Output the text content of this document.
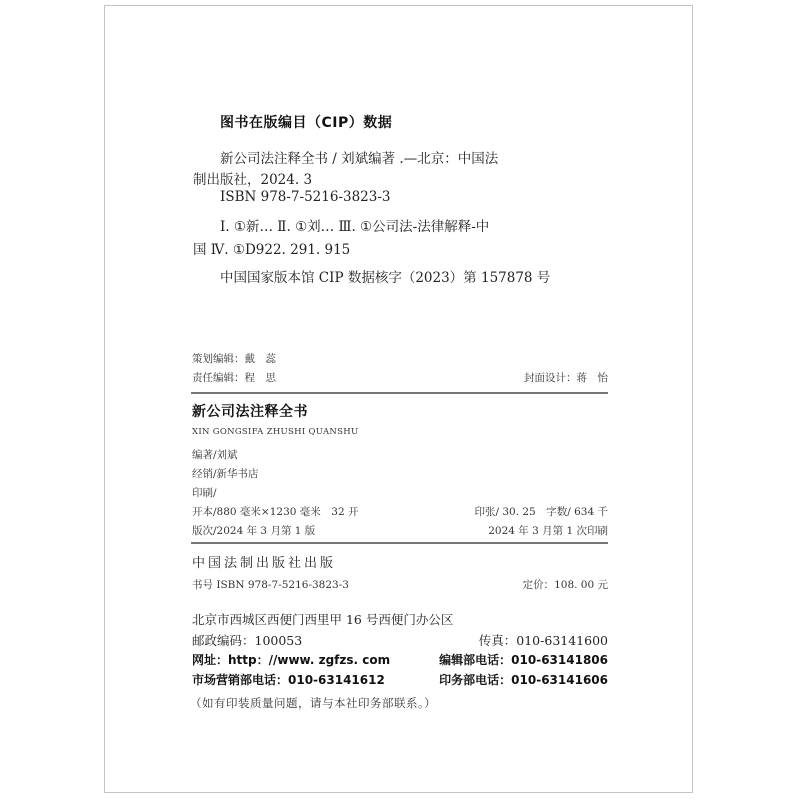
图书在版编目（CIP）数据
新公司法注释全书 / 刘斌编著 .—北京：中国法
制出版社，2024. 3
ISBN 978-7-5216-3823-3
Ⅰ. ①新… Ⅱ. ①刘… Ⅲ. ①公司法-法律解释-中
国 Ⅳ. ①D922. 291. 915
中国国家版本馆 CIP 数据核字（2023）第 157878 号
策划编辑：戴　蕊
责任编辑：程　思	封面设计：蒋　怡
新公司法注释全书
XIN GONGSIFA ZHUSHI QUANSHU
编著/刘斌
经销/新华书店
印刷/
开本/880 毫米×1230 毫米　32 开	印张/ 30. 25　字数/ 634 千
版次/2024 年 3 月第 1 版	2024 年 3 月第 1 次印刷
中国法制出版社出版
书号 ISBN 978-7-5216-3823-3	定价：108. 00 元
北京市西城区西便门西里甲 16 号西便门办公区
邮政编码：100053	传真：010-63141600
网址：http：//www. zgfzs. com	编辑部电话：010-63141806
市场营销部电话：010-63141612	印务部电话：010-63141606
（如有印装质量问题，请与本社印务部联系。）
